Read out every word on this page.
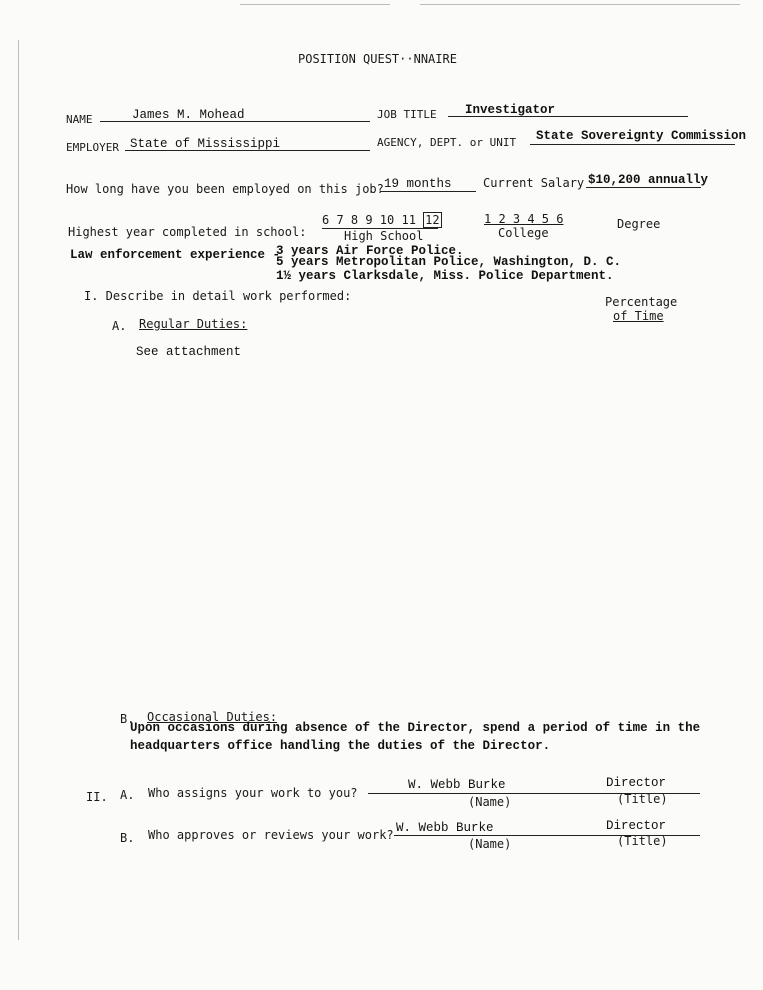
POSITION QUEST··NNAIRE
NAME	James M. Mohead	JOB TITLE Investigator
EMPLOYER State of Mississippi	AGENCY, DEPT. or UNIT State Sovereignty Commission
How long have you been employed on this job? 19 months	Current Salary $10,200 annually
Highest year completed in school:
6 7 8 9 10 11 12
High School
1 2 3 4 5 6
College
Degree
Law enforcement experience -
3 years Air Force Police.
5 years Metropolitan Police, Washington, D. C.
1½ years Clarksdale, Miss. Police Department.
I. Describe in detail work performed:	Percentage
of Time
A. Regular Duties:
See attachment
B. Occasional Duties:
Upon occasions during absence of the Director, spend a period of time in the
headquarters office handling the duties of the Director.
II. A. Who assigns your work to you?
W. Webb Burke	Director
(Name)	(Title)
B. Who approves or reviews your work? W. Webb Burke	Director
(Name)	(Title)
